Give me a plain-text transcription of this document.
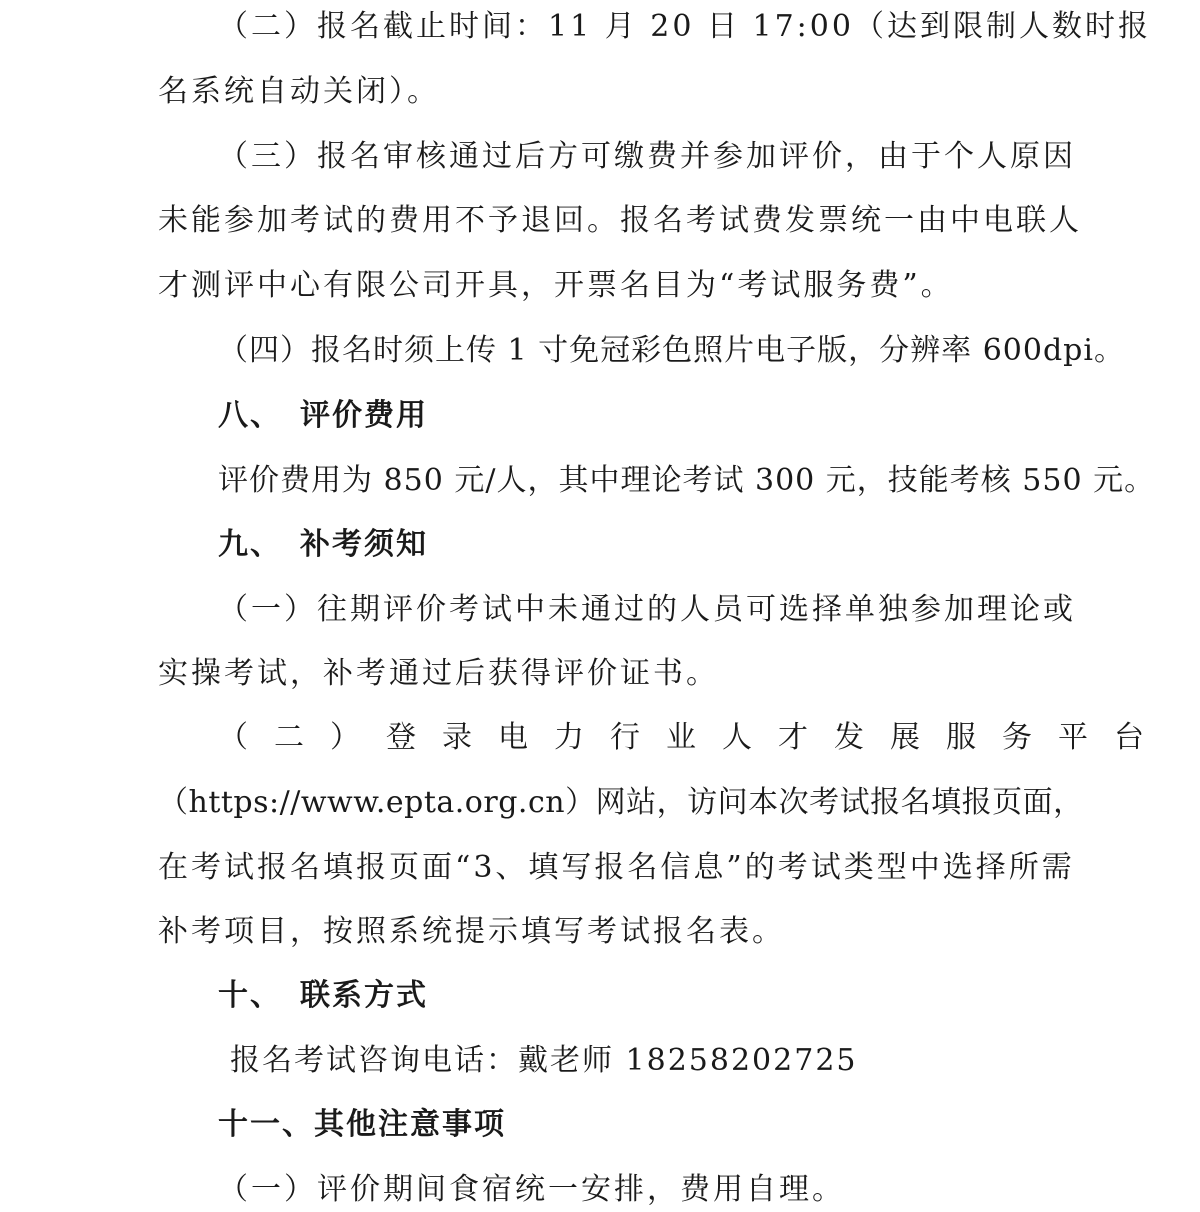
（二）报名截止时间：11 月 20 日 17:00（达到限制人数时报
名系统自动关闭）。
（三）报名审核通过后方可缴费并参加评价，由于个人原因
未能参加考试的费用不予退回。报名考试费发票统一由中电联人
才测评中心有限公司开具，开票名目为“考试服务费”。
（四）报名时须上传 1 寸免冠彩色照片电子版，分辨率 600dpi。
八、 评价费用
评价费用为 850 元/人，其中理论考试 300 元，技能考核 550 元。
九、 补考须知
（一）往期评价考试中未通过的人员可选择单独参加理论或
实操考试，补考通过后获得评价证书。
（二）登录电力行业人才发展服务平台
（https://www.epta.org.cn）网站，访问本次考试报名填报页面，
在考试报名填报页面“3、填写报名信息”的考试类型中选择所需
补考项目，按照系统提示填写考试报名表。
十、 联系方式
报名考试咨询电话：戴老师 18258202725
十一、其他注意事项
（一）评价期间食宿统一安排，费用自理。
